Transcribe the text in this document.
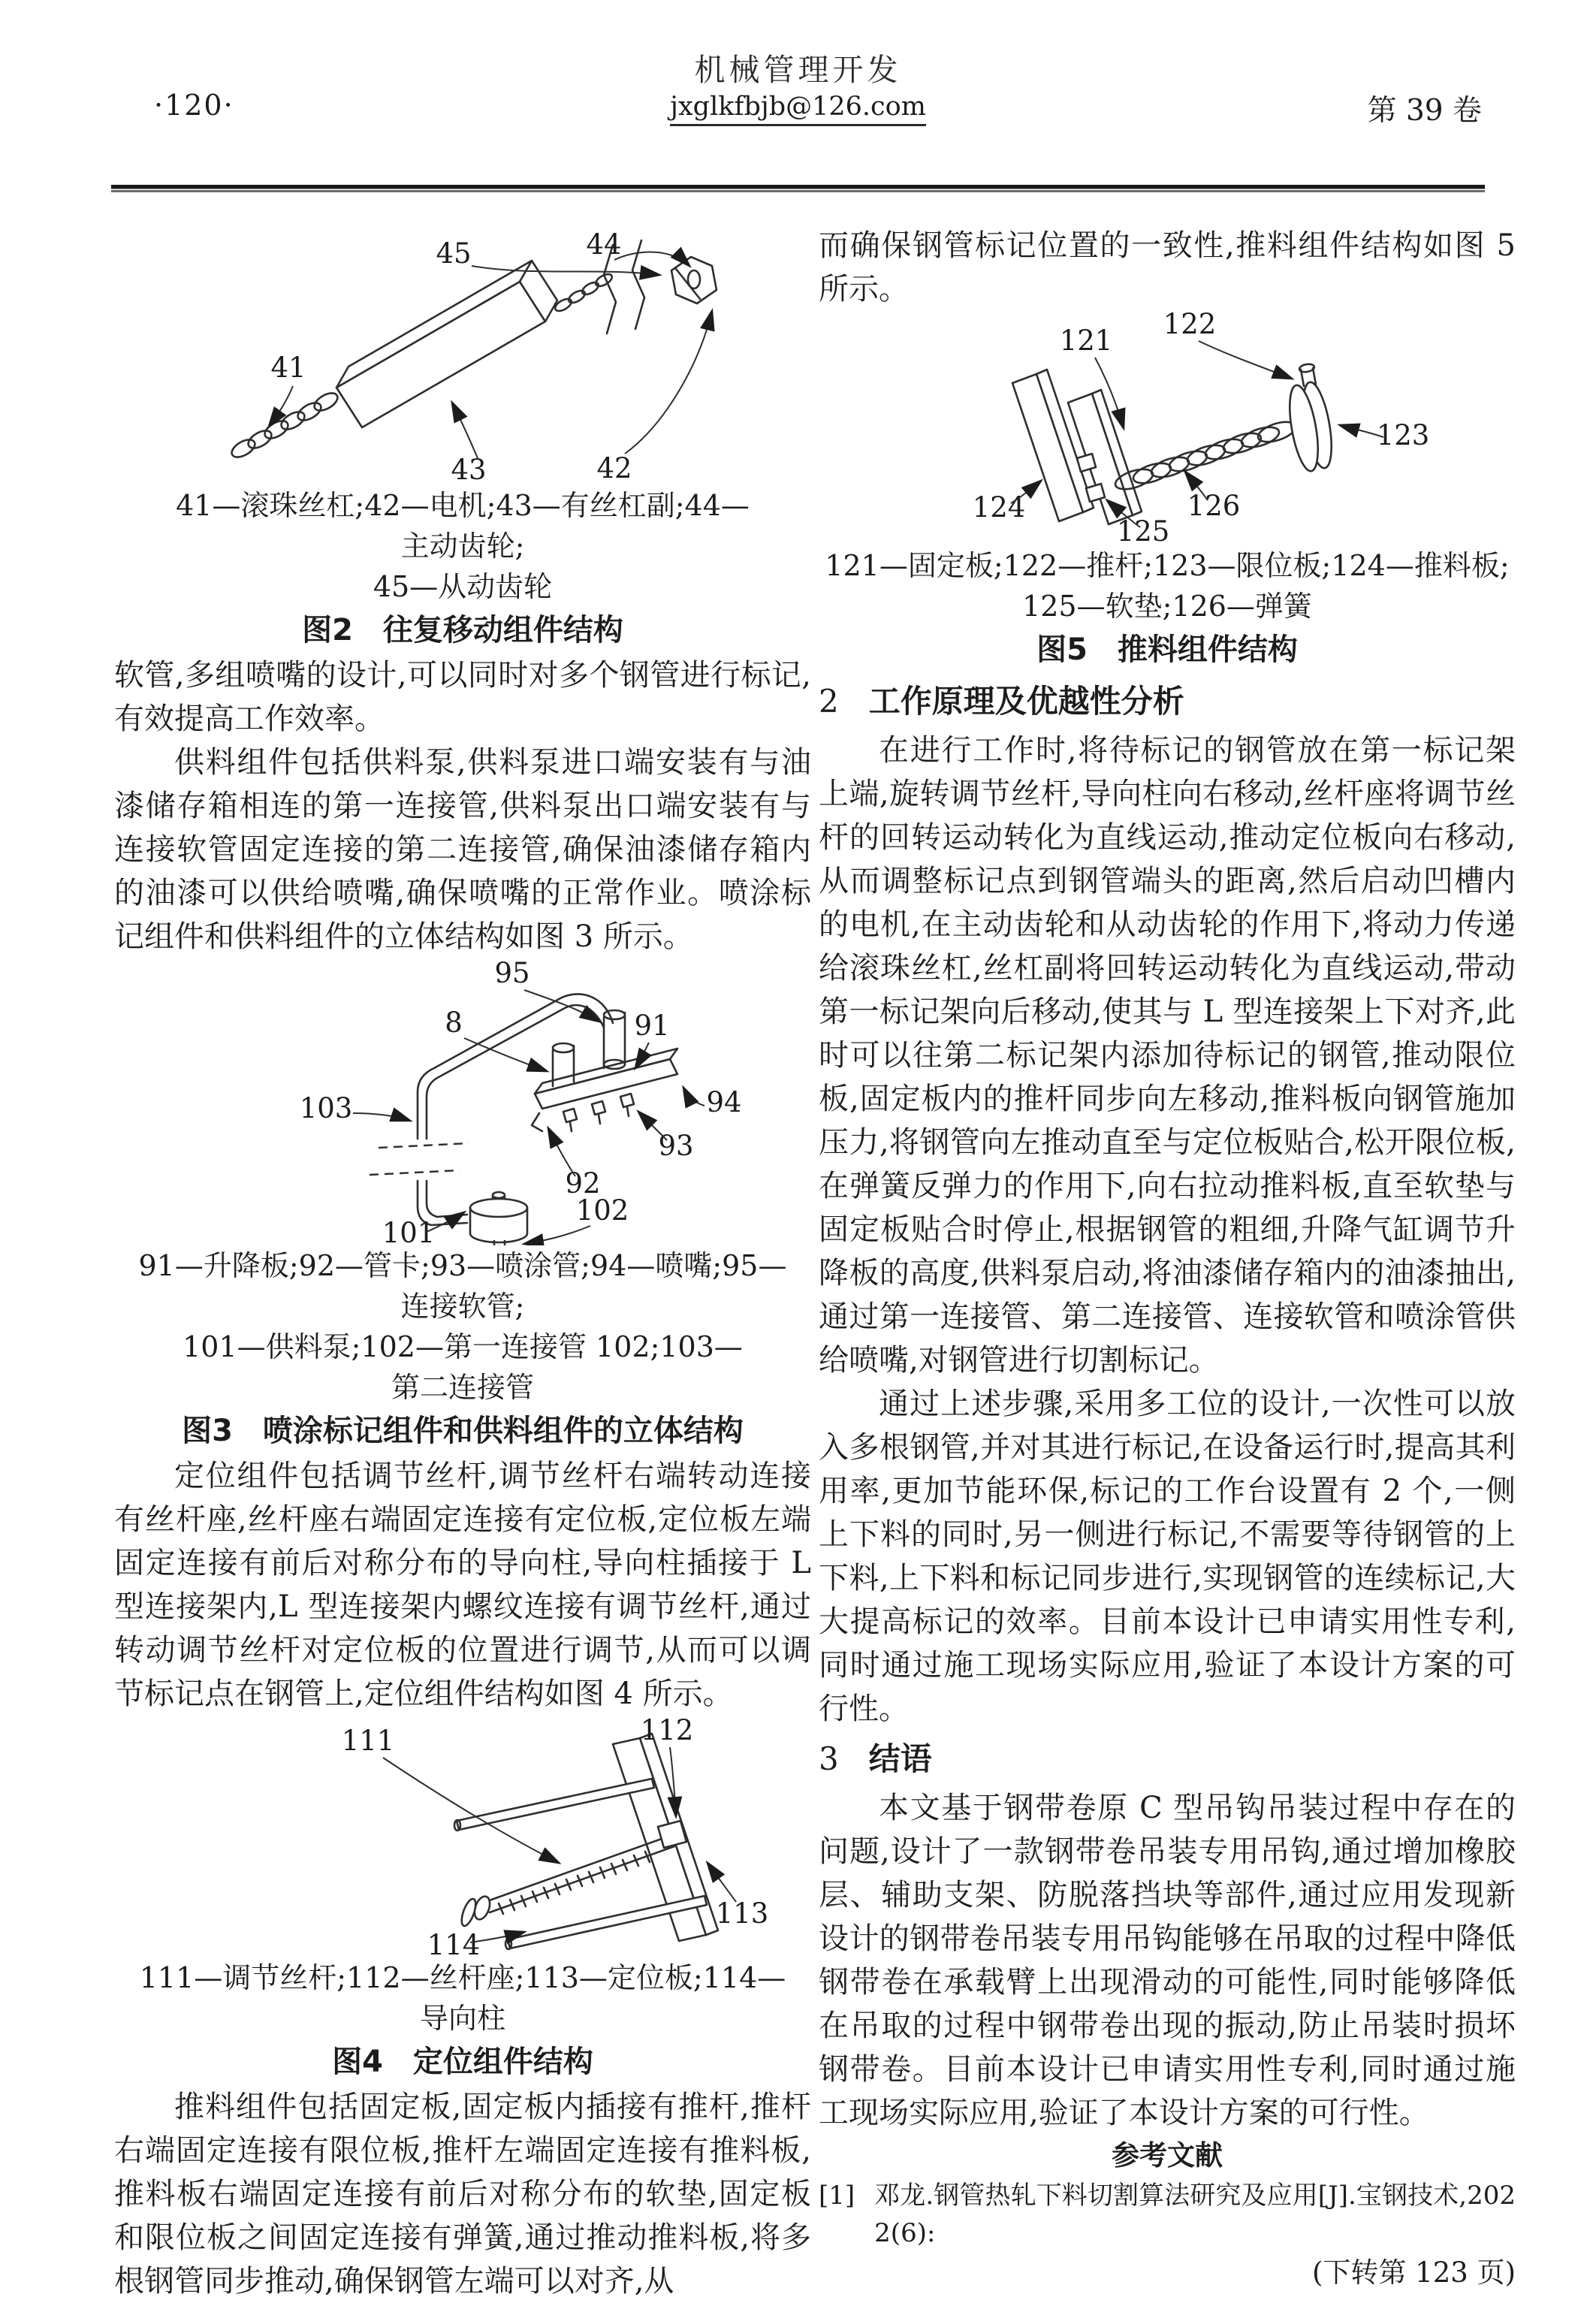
·120·
机械管理开发
jxglkfbjb@126.com	第 39 卷
45	44
42
41
43

41—滚珠丝杠;42—电机;43—有丝杠副;44—主动齿轮;

45—从动齿轮

图2　往复移动组件结构

软管,多组喷嘴的设计,可以同时对多个钢管进行标记,有效提高工作效率。

供料组件包括供料泵,供料泵进口端安装有与油漆储存箱相连的第一连接管,供料泵出口端安装有与连接软管固定连接的第二连接管,确保油漆储存箱内的油漆可以供给喷嘴,确保喷嘴的正常作业。喷涂标记组件和供料组件的立体结构如图 3 所示。

95
8	91
94
93
92
103
101
102

91—升降板;92—管卡;93—喷涂管;94—喷嘴;95—连接软管;

101—供料泵;102—第一连接管 102;103—第二连接管

图3　喷涂标记组件和供料组件的立体结构

定位组件包括调节丝杆,调节丝杆右端转动连接有丝杆座,丝杆座右端固定连接有定位板,定位板左端固定连接有前后对称分布的导向柱,导向柱插接于 L 型连接架内,L 型连接架内螺纹连接有调节丝杆,通过转动调节丝杆对定位板的位置进行调节,从而可以调节标记点在钢管上,定位组件结构如图 4 所示。

111	112
113
114

111—调节丝杆;112—丝杆座;113—定位板;114—导向柱

图4　定位组件结构

推料组件包括固定板,固定板内插接有推杆,推杆右端固定连接有限位板,推杆左端固定连接有推料板,推料板右端固定连接有前后对称分布的软垫,固定板和限位板之间固定连接有弹簧,通过推动推料板,将多根钢管同步推动,确保钢管左端可以对齐,从

而确保钢管标记位置的一致性,推料组件结构如图 5 所示。

121
122
123
124
125
126

121—固定板;122—推杆;123—限位板;124—推料板;

125—软垫;126—弹簧

图5　推料组件结构

2 工作原理及优越性分析

在进行工作时,将待标记的钢管放在第一标记架上端,旋转调节丝杆,导向柱向右移动,丝杆座将调节丝杆的回转运动转化为直线运动,推动定位板向右移动,从而调整标记点到钢管端头的距离,然后启动凹槽内的电机,在主动齿轮和从动齿轮的作用下,将动力传递给滚珠丝杠,丝杠副将回转运动转化为直线运动,带动第一标记架向后移动,使其与 L 型连接架上下对齐,此时可以往第二标记架内添加待标记的钢管,推动限位板,固定板内的推杆同步向左移动,推料板向钢管施加压力,将钢管向左推动直至与定位板贴合,松开限位板,在弹簧反弹力的作用下,向右拉动推料板,直至软垫与固定板贴合时停止,根据钢管的粗细,升降气缸调节升降板的高度,供料泵启动,将油漆储存箱内的油漆抽出,通过第一连接管、第二连接管、连接软管和喷涂管供给喷嘴,对钢管进行切割标记。

通过上述步骤,采用多工位的设计,一次性可以放入多根钢管,并对其进行标记,在设备运行时,提高其利用率,更加节能环保,标记的工作台设置有 2 个,一侧上下料的同时,另一侧进行标记,不需要等待钢管的上下料,上下料和标记同步进行,实现钢管的连续标记,大大提高标记的效率。目前本设计已申请实用性专利,同时通过施工现场实际应用,验证了本设计方案的可行性。

3 结语

本文基于钢带卷原 C 型吊钩吊装过程中存在的问题,设计了一款钢带卷吊装专用吊钩,通过增加橡胶层、辅助支架、防脱落挡块等部件,通过应用发现新设计的钢带卷吊装专用吊钩能够在吊取的过程中降低钢带卷在承载臂上出现滑动的可能性,同时能够降低在吊取的过程中钢带卷出现的振动,防止吊装时损坏钢带卷。目前本设计已申请实用性专利,同时通过施工现场实际应用,验证了本设计方案的可行性。

参考文献
[1] 邓龙.钢管热轧下料切割算法研究及应用[J].宝钢技术,2022(6):
(下转第 123 页)
